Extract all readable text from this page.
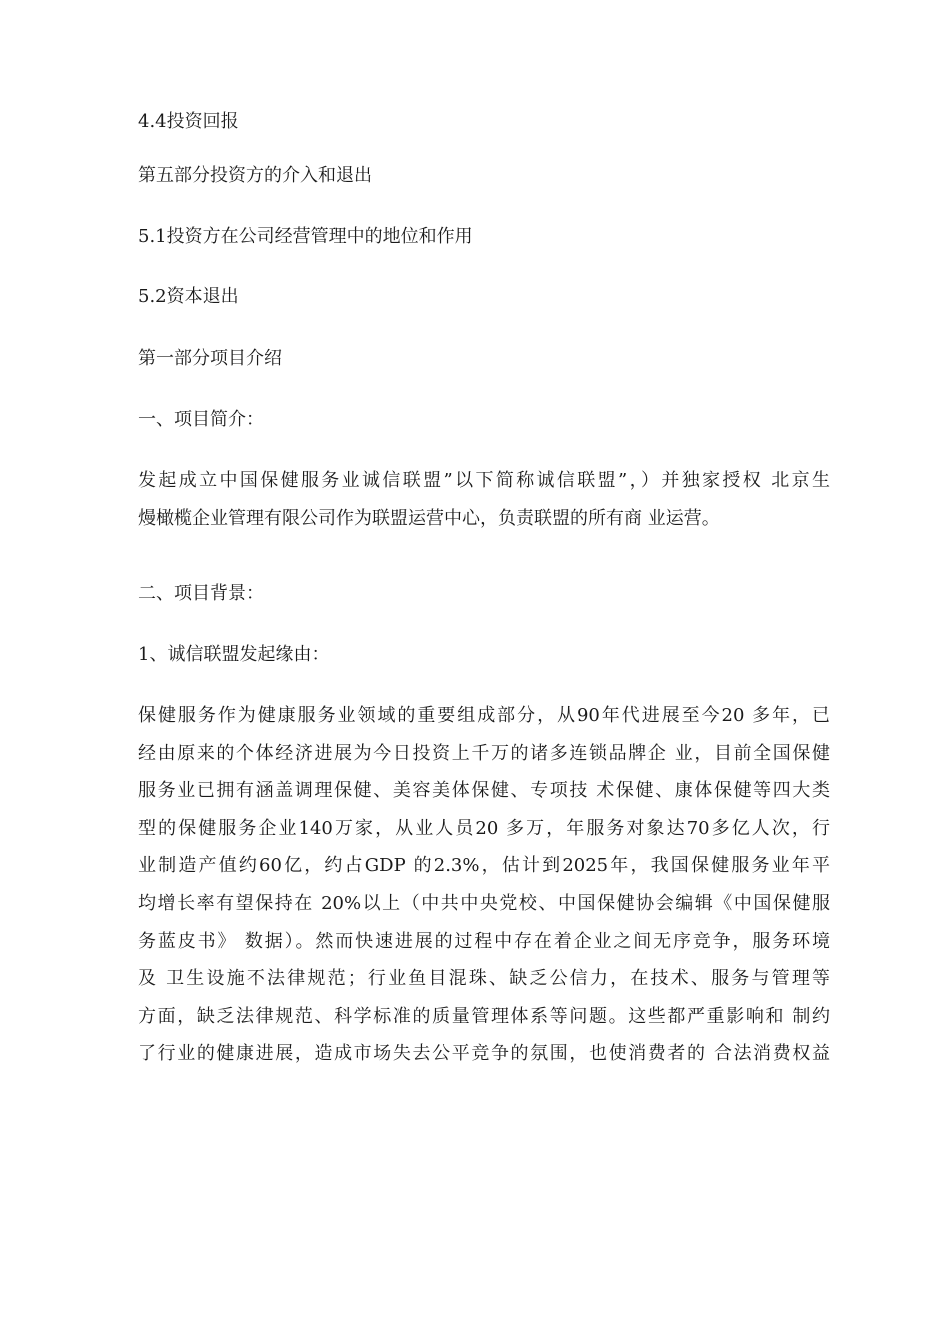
4.4投资回报
第五部分投资方的介入和退出
5.1投资方在公司经营管理中的地位和作用
5.2资本退出
第一部分项目介绍
一、项目简介：
发起成立中国保健服务业诚信联盟”以下简称诚信联盟”，）并独家授权 北京生
熳橄榄企业管理有限公司作为联盟运营中心，负责联盟的所有商 业运营。
二、项目背景：
1、诚信联盟发起缘由：
保健服务作为健康服务业领域的重要组成部分，从90年代进展至今20 多年，已
经由原来的个体经济进展为今日投资上千万的诸多连锁品牌企 业，目前全国保健
服务业已拥有涵盖调理保健、美容美体保健、专项技 术保健、康体保健等四大类
型的保健服务企业140万家，从业人员20 多万，年服务对象达70多亿人次，行
业制造产值约60亿，约占GDP 的2.3%，估计到2025年，我国保健服务业年平
均增长率有望保持在 20%以上（中共中央党校、中国保健协会编辑《中国保健服
务蓝皮书》 数据）。然而快速进展的过程中存在着企业之间无序竞争，服务环境
及 卫生设施不法律规范；行业鱼目混珠、缺乏公信力，在技术、服务与管理等
方面，缺乏法律规范、科学标准的质量管理体系等问题。这些都严重影响和 制约
了行业的健康进展，造成市场失去公平竞争的氛围，也使消费者的 合法消费权益
